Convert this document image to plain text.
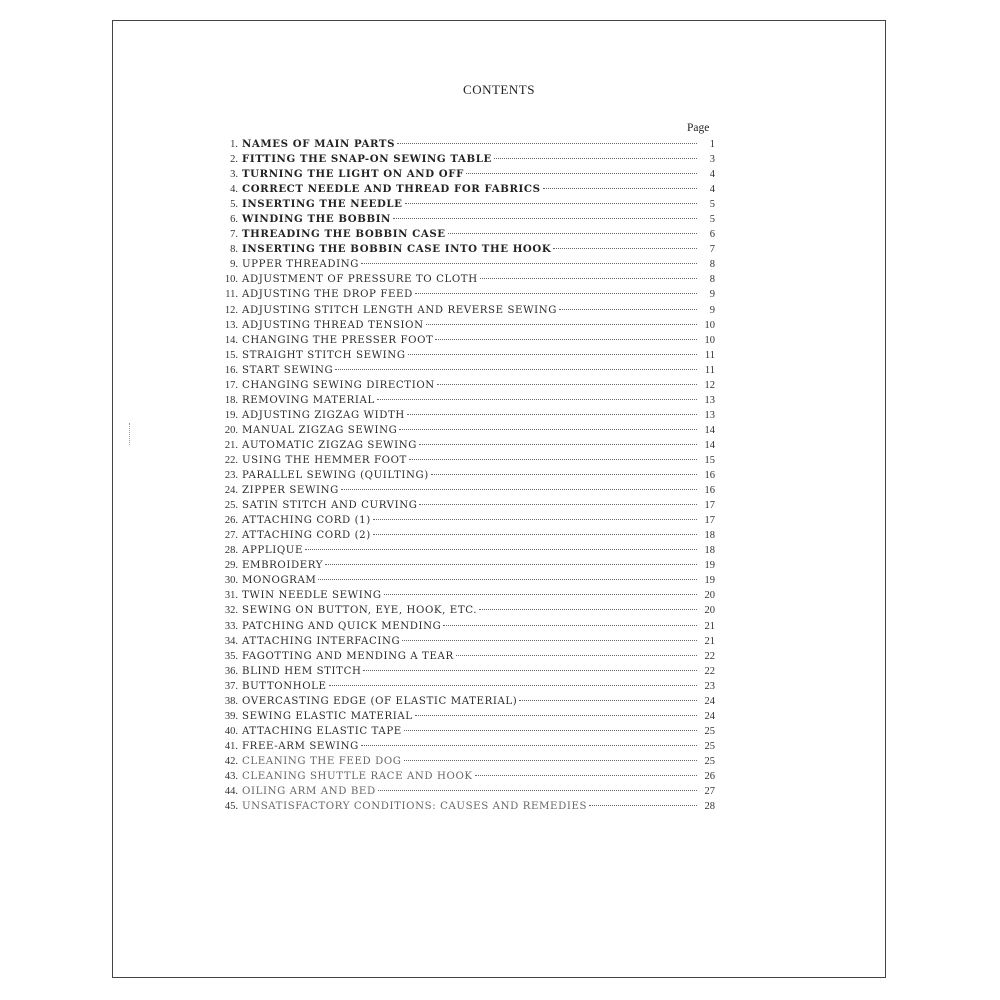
CONTENTS
Page
1. NAMES OF MAIN PARTS	1
2. FITTING THE SNAP-ON SEWING TABLE	3
3. TURNING THE LIGHT ON AND OFF	4
4. CORRECT NEEDLE AND THREAD FOR FABRICS	4
5. INSERTING THE NEEDLE	5
6. WINDING THE BOBBIN	5
7. THREADING THE BOBBIN CASE	6
8. INSERTING THE BOBBIN CASE INTO THE HOOK	7
9. UPPER THREADING	8
10. ADJUSTMENT OF PRESSURE TO CLOTH	8
11. ADJUSTING THE DROP FEED	9
12. ADJUSTING STITCH LENGTH AND REVERSE SEWING	9
13. ADJUSTING THREAD TENSION	10
14. CHANGING THE PRESSER FOOT	10
15. STRAIGHT STITCH SEWING	11
16. START SEWING	11
17. CHANGING SEWING DIRECTION	12
18. REMOVING MATERIAL	13
19. ADJUSTING ZIGZAG WIDTH	13
20. MANUAL ZIGZAG SEWING	14
21. AUTOMATIC ZIGZAG SEWING	14
22. USING THE HEMMER FOOT	15
23. PARALLEL SEWING (QUILTING)	16
24. ZIPPER SEWING	16
25. SATIN STITCH AND CURVING	17
26. ATTACHING CORD (1)	17
27. ATTACHING CORD (2)	18
28. APPLIQUE	18
29. EMBROIDERY	19
30. MONOGRAM	19
31. TWIN NEEDLE SEWING	20
32. SEWING ON BUTTON, EYE, HOOK, ETC.	20
33. PATCHING AND QUICK MENDING	21
34. ATTACHING INTERFACING	21
35. FAGOTTING AND MENDING A TEAR	22
36. BLIND HEM STITCH	22
37. BUTTONHOLE	23
38. OVERCASTING EDGE (OF ELASTIC MATERIAL)	24
39. SEWING ELASTIC MATERIAL	24
40. ATTACHING ELASTIC TAPE	25
41. FREE-ARM SEWING	25
42. CLEANING THE FEED DOG	25
43. CLEANING SHUTTLE RACE AND HOOK	26
44. OILING ARM AND BED	27
45. UNSATISFACTORY CONDITIONS: CAUSES AND REMEDIES	28
